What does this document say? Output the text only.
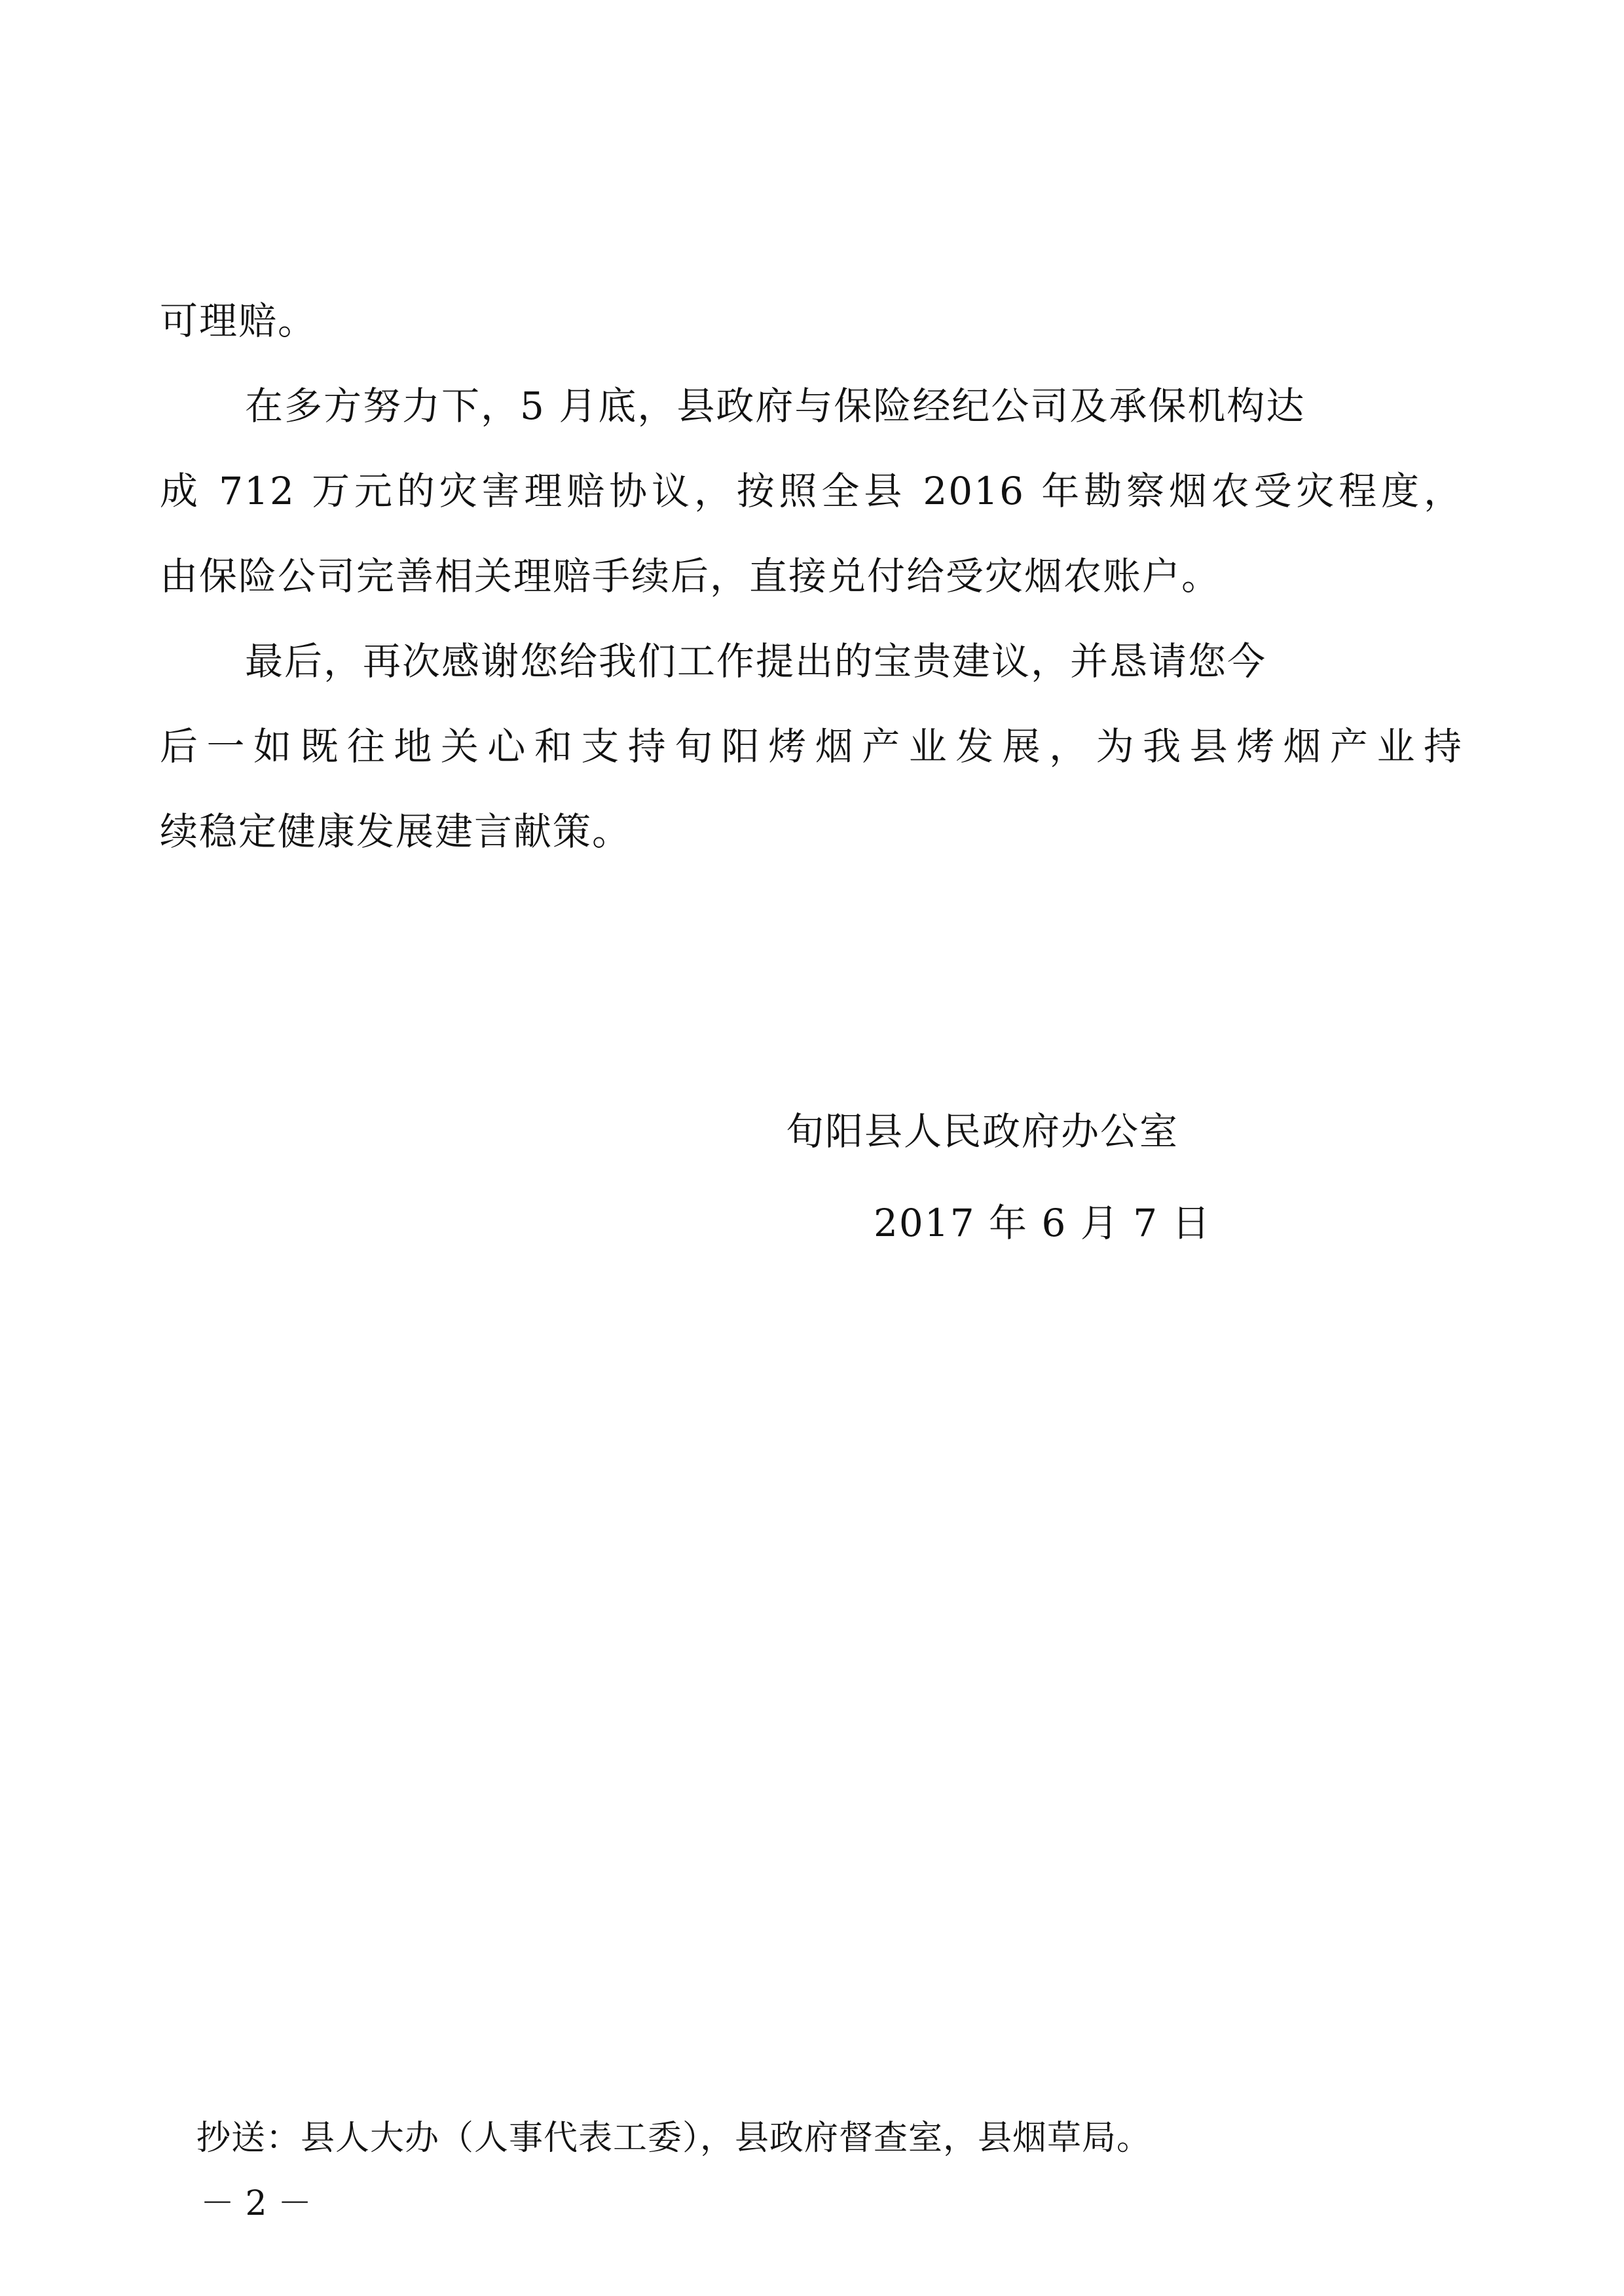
可理赔。
在多方努力下，5 月底，县政府与保险经纪公司及承保机构达
成 712 万元的灾害理赔协议，按照全县 2016 年勘察烟农受灾程度，
由保险公司完善相关理赔手续后，直接兑付给受灾烟农账户。
最后，再次感谢您给我们工作提出的宝贵建议，并恳请您今
后一如既往地关心和支持旬阳烤烟产业发展，为我县烤烟产业持
续稳定健康发展建言献策。
旬阳县人民政府办公室
2017 年 6 月 7 日
抄送：县人大办（人事代表工委），县政府督查室，县烟草局。
－ 2 －
